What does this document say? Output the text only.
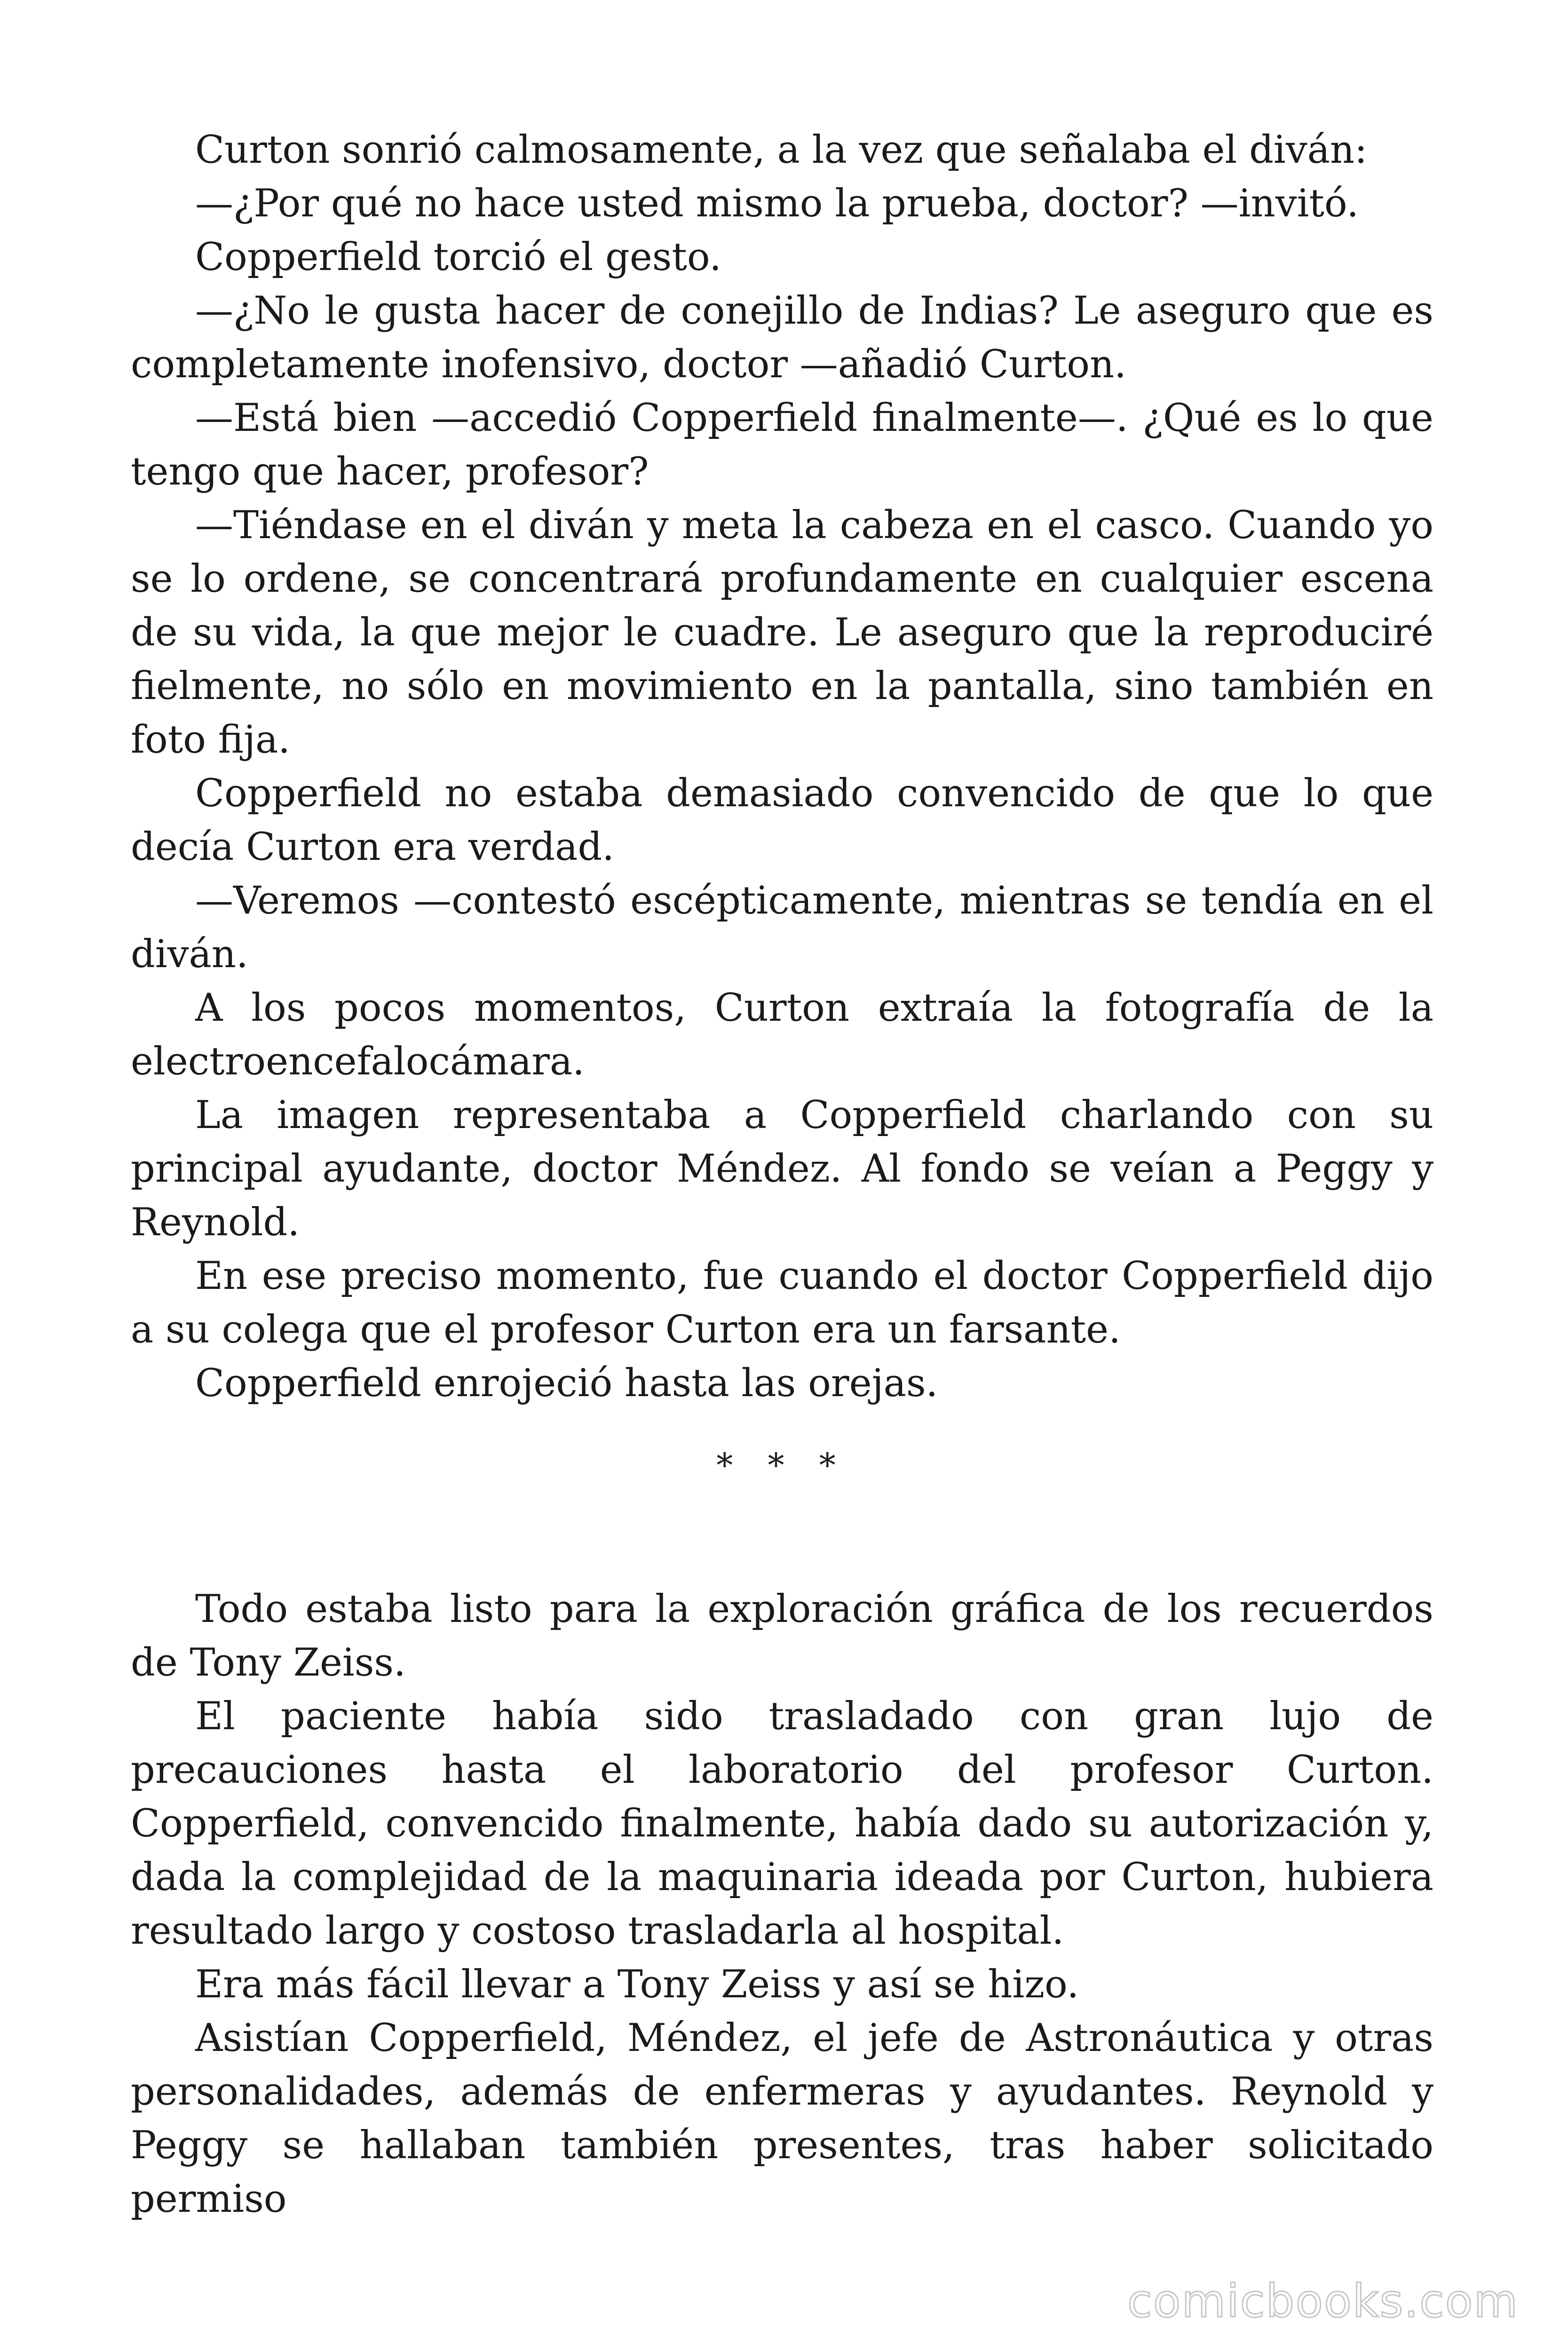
Curton sonrió calmosamente, a la vez que señalaba el diván:

—¿Por qué no hace usted mismo la prueba, doctor? —invitó.

Copperfield torció el gesto.

—¿No le gusta hacer de conejillo de Indias? Le aseguro que es completamente inofensivo, doctor —añadió Curton.

—Está bien —accedió Copperfield finalmente—. ¿Qué es lo que tengo que hacer, profesor?

—Tiéndase en el diván y meta la cabeza en el casco. Cuando yo se lo ordene, se concentrará profundamente en cualquier escena de su vida, la que mejor le cuadre. Le aseguro que la reproduciré fielmente, no sólo en movimiento en la pantalla, sino también en foto fija.

Copperfield no estaba demasiado convencido de que lo que decía Curton era verdad.

—Veremos —contestó escépticamente, mientras se tendía en el diván.

A los pocos momentos, Curton extraía la fotografía de la electroencefalocámara.

La imagen representaba a Copperfield charlando con su principal ayudante, doctor Méndez. Al fondo se veían a Peggy y Reynold.

En ese preciso momento, fue cuando el doctor Copperfield dijo a su colega que el profesor Curton era un farsante.

Copperfield enrojeció hasta las orejas.

* * *

Todo estaba listo para la exploración gráfica de los recuerdos de Tony Zeiss.

El paciente había sido trasladado con gran lujo de precauciones hasta el laboratorio del profesor Curton. Copperfield, convencido finalmente, había dado su autorización y, dada la complejidad de la maquinaria ideada por Curton, hubiera resultado largo y costoso trasladarla al hospital.

Era más fácil llevar a Tony Zeiss y así se hizo.

Asistían Copperfield, Méndez, el jefe de Astronáutica y otras personalidades, además de enfermeras y ayudantes. Reynold y Peggy se hallaban también presentes, tras haber solicitado permiso

comicbooks.com
